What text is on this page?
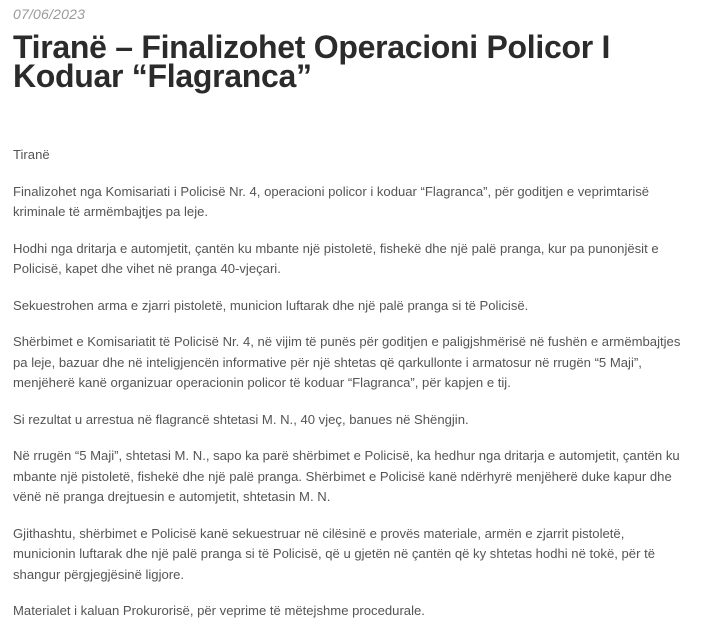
07/06/2023
Tiranë – Finalizohet Operacioni Policor I Koduar “Flagranca”

Tiranë

Finalizohet nga Komisariati i Policisë Nr. 4, operacioni policor i koduar “Flagranca”, për goditjen e veprimtarisë kriminale të armëmbajtjes pa leje.

Hodhi nga dritarja e automjetit, çantën ku mbante një pistoletë, fishekë dhe një palë pranga, kur pa punonjësit e Policisë, kapet dhe vihet në pranga 40-vjeçari.

Sekuestrohen arma e zjarri pistoletë, municion luftarak dhe një palë pranga si të Policisë.

Shërbimet e Komisariatit të Policisë Nr. 4, në vijim të punës për goditjen e paligjshmërisë në fushën e armëmbajtjes pa leje, bazuar dhe në inteligjencën informative për një shtetas që qarkullonte i armatosur në rrugën “5 Maji”, menjëherë kanë organizuar operacionin policor të koduar “Flagranca”, për kapjen e tij.

Si rezultat u arrestua në flagrancë shtetasi M. N., 40 vjeç, banues në Shëngjin.

Në rrugën “5 Maji”, shtetasi M. N., sapo ka parë shërbimet e Policisë, ka hedhur nga dritarja e automjetit, çantën ku mbante një pistoletë, fishekë dhe një palë pranga. Shërbimet e Policisë kanë ndërhyrë menjëherë duke kapur dhe vënë në pranga drejtuesin e automjetit, shtetasin M. N.

Gjithashtu, shërbimet e Policisë kanë sekuestruar në cilësinë e provës materiale, armën e zjarrit pistoletë, municionin luftarak dhe një palë pranga si të Policisë, që u gjetën në çantën që ky shtetas hodhi në tokë, për të shangur përgjegjësinë ligjore.

Materialet i kaluan Prokurorisë, për veprime të mëtejshme procedurale.
